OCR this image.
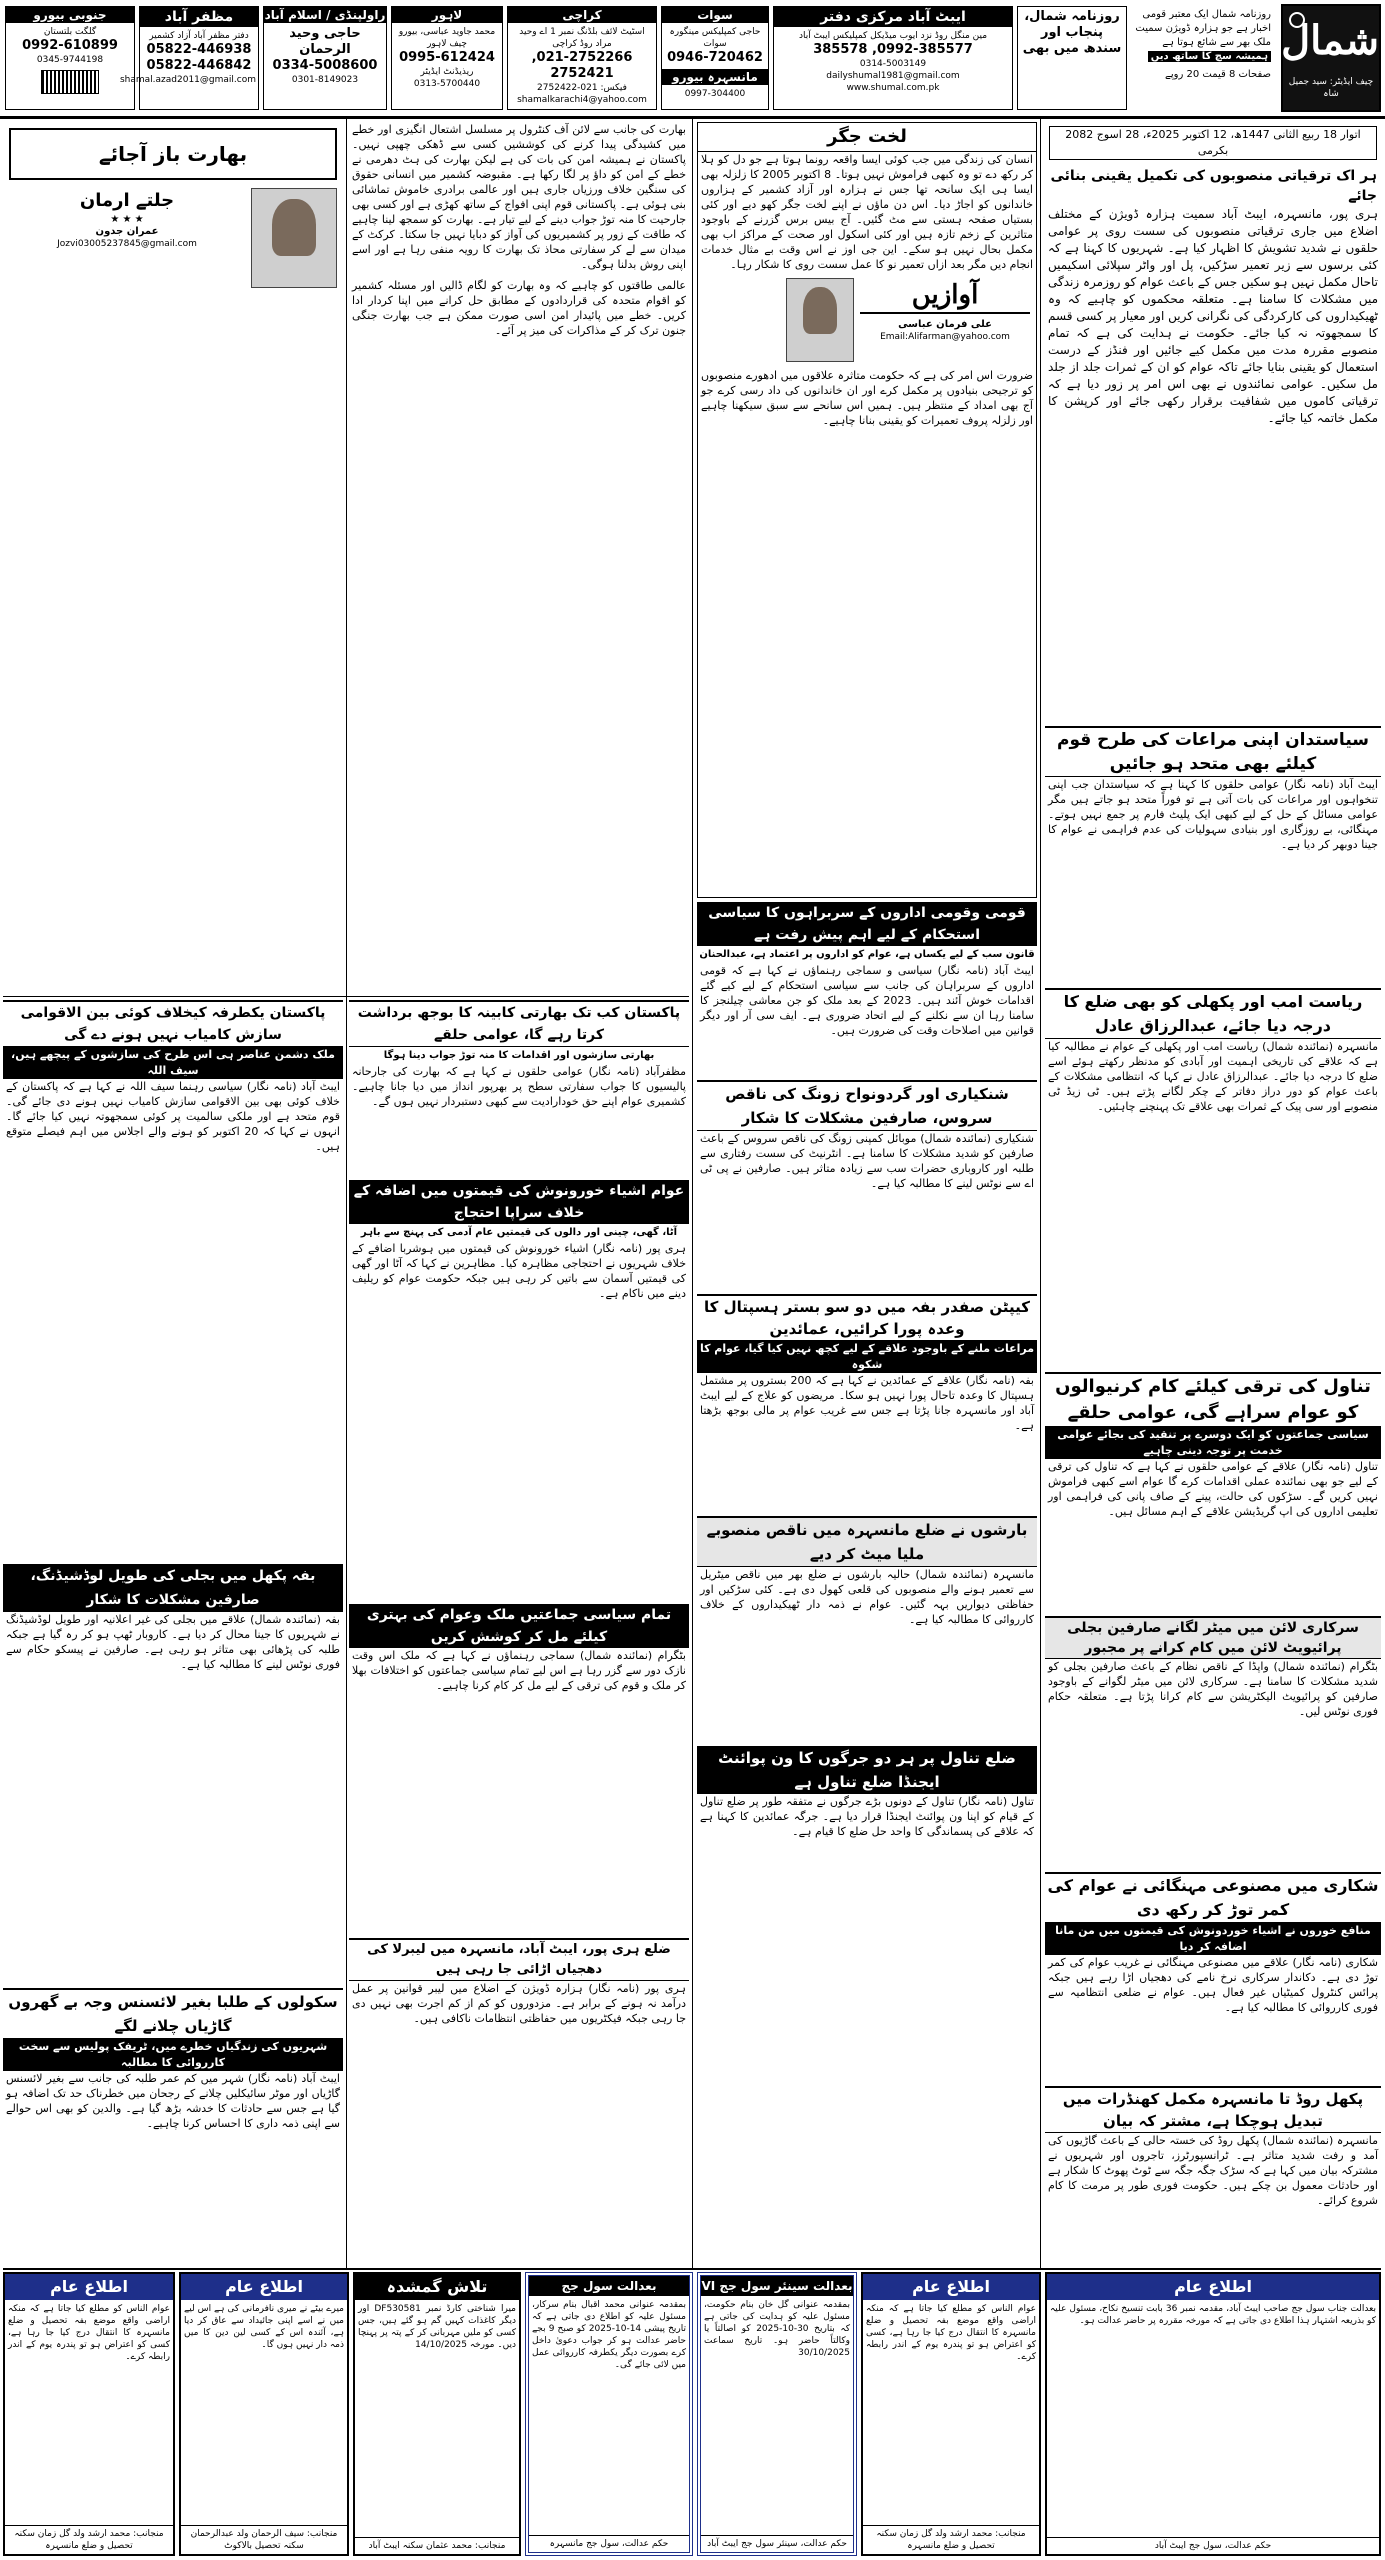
شمال
چیف ایڈیٹر: سید جمیل شاہ
روزنامہ شمال ایک معتبر قومی اخبار ہے جو ہزارہ ڈویژن سمیت ملک بھر سے شائع ہوتا ہے
ہمیشہ سچ کا ساتھ دیں
صفحات 8 قیمت 20 روپے
روزنامہ شمال، پنجاب اور سندھ میں بھی
ایبٹ آباد مرکزی دفتر
مین منگل روڈ نزد ایوب میڈیکل کمپلیکس ایبٹ آباد
0992-385577, 385578
0314-5003149
dailyshumal1981@gmail.com
www.shumal.com.pk
سوات
حاجی کمپلیکس مینگورہ سوات
0946-720462
مانسہرہ بیورو
0997-304400
کراچی
اسٹیٹ لائف بلڈنگ نمبر 1 اے وحید مراد روڈ کراچی
021-2752266, 2752421
فیکس: 021-2752422
shamalkarachi4@yahoo.com
لاہور
محمد جاوید عباسی، بیورو چیف لاہور
0995-612424
ریذیڈنٹ ایڈیٹر
0313-5700440
راولپنڈی / اسلام آباد
حاجی وحید الرحمان
0334-5008600
0301-8149023
مظفر آباد
دفتر مظفر آباد آزاد کشمیر
05822-446938
05822-446842
shamal.azad2011@gmail.com
جنوبی بیورو
گلگت بلتستان
0992-610899
0345-9744198
اتوار 18 ربیع الثانی 1447ھ، 12 اکتوبر 2025ء، 28 اسوج 2082 بکرمی
ہر اک ترقیاتی منصوبوں کی تکمیل یقینی بنائی جائے

ہری پور، مانسہرہ، ایبٹ آباد سمیت ہزارہ ڈویژن کے مختلف اضلاع میں جاری ترقیاتی منصوبوں کی سست روی پر عوامی حلقوں نے شدید تشویش کا اظہار کیا ہے۔ شہریوں کا کہنا ہے کہ کئی برسوں سے زیر تعمیر سڑکیں، پل اور واٹر سپلائی اسکیمیں تاحال مکمل نہیں ہو سکیں جس کے باعث عوام کو روزمرہ زندگی میں مشکلات کا سامنا ہے۔ متعلقہ محکموں کو چاہیے کہ وہ ٹھیکیداروں کی کارکردگی کی نگرانی کریں اور معیار پر کسی قسم کا سمجھوتہ نہ کیا جائے۔ حکومت نے ہدایت کی ہے کہ تمام منصوبے مقررہ مدت میں مکمل کیے جائیں اور فنڈز کے درست استعمال کو یقینی بنایا جائے تاکہ عوام کو ان کے ثمرات جلد از جلد مل سکیں۔ عوامی نمائندوں نے بھی اس امر پر زور دیا ہے کہ ترقیاتی کاموں میں شفافیت برقرار رکھی جائے اور کرپشن کا مکمل خاتمہ کیا جائے۔

سیاستدان اپنی مراعات کی طرح قوم کیلئے بھی متحد ہو جائیں

ایبٹ آباد (نامہ نگار) عوامی حلقوں کا کہنا ہے کہ سیاستدان جب اپنی تنخواہوں اور مراعات کی بات آتی ہے تو فوراً متحد ہو جاتے ہیں مگر عوامی مسائل کے حل کے لیے کبھی ایک پلیٹ فارم پر جمع نہیں ہوتے۔ مہنگائی، بے روزگاری اور بنیادی سہولیات کی عدم فراہمی نے عوام کا جینا دوبھر کر دیا ہے۔

ریاست امب اور پکھلی کو بھی ضلع کا درجہ دیا جائے، عبدالرزاق عادل

مانسہرہ (نمائندہ شمال) ریاست امب اور پکھلی کے عوام نے مطالبہ کیا ہے کہ علاقے کی تاریخی اہمیت اور آبادی کو مدنظر رکھتے ہوئے اسے ضلع کا درجہ دیا جائے۔ عبدالرزاق عادل نے کہا کہ انتظامی مشکلات کے باعث عوام کو دور دراز دفاتر کے چکر لگانے پڑتے ہیں۔ ٹی زیڈ ٹی منصوبے اور سی پیک کے ثمرات بھی علاقے تک پہنچنے چاہئیں۔

تناول کی ترقی کیلئے کام کرنیوالوں کو عوام سراہے گی، عوامی حلقے
سیاسی جماعتوں کو ایک دوسرے پر تنقید کی بجائے عوامی خدمت پر توجہ دینی چاہیے

تناول (نامہ نگار) علاقے کے عوامی حلقوں نے کہا ہے کہ تناول کی ترقی کے لیے جو بھی نمائندہ عملی اقدامات کرے گا عوام اسے کبھی فراموش نہیں کریں گے۔ سڑکوں کی حالت، پینے کے صاف پانی کی فراہمی اور تعلیمی اداروں کی اپ گریڈیشن علاقے کے اہم مسائل ہیں۔

سرکاری لائن میں میٹر لگانے صارفین بجلی پرائیویٹ لائن میں کام کرانے پر مجبور

بٹگرام (نمائندہ شمال) واپڈا کے ناقص نظام کے باعث صارفین بجلی کو شدید مشکلات کا سامنا ہے۔ سرکاری لائن میں میٹر لگوانے کے باوجود صارفین کو پرائیویٹ الیکٹریشن سے کام کرانا پڑتا ہے۔ متعلقہ حکام فوری نوٹس لیں۔

شکاری میں مصنوعی مہنگائی نے عوام کی کمر توڑ کر رکھ دی
منافع خوروں نے اشیاء خوردونوش کی قیمتوں میں من مانا اضافہ کر دیا

شکاری (نامہ نگار) علاقے میں مصنوعی مہنگائی نے غریب عوام کی کمر توڑ دی ہے۔ دکاندار سرکاری نرخ نامے کی دھجیاں اڑا رہے ہیں جبکہ پرائس کنٹرول کمیٹیاں غیر فعال ہیں۔ عوام نے ضلعی انتظامیہ سے فوری کارروائی کا مطالبہ کیا ہے۔

پکھل روڈ تا مانسہرہ مکمل کھنڈرات میں تبدیل ہوچکا ہے، مشتر کہ بیان

مانسہرہ (نمائندہ شمال) پکھل روڈ کی خستہ حالی کے باعث گاڑیوں کی آمد و رفت شدید متاثر ہے۔ ٹرانسپورٹرز، تاجروں اور شہریوں نے مشترکہ بیان میں کہا ہے کہ سڑک جگہ جگہ سے ٹوٹ پھوٹ کا شکار ہے اور حادثات معمول بن چکے ہیں۔ حکومت فوری طور پر مرمت کا کام شروع کرائے۔

لخت جگر

انسان کی زندگی میں جب کوئی ایسا واقعہ رونما ہوتا ہے جو دل کو ہلا کر رکھ دے تو وہ کبھی فراموش نہیں ہوتا۔ 8 اکتوبر 2005 کا زلزلہ بھی ایسا ہی ایک سانحہ تھا جس نے ہزارہ اور آزاد کشمیر کے ہزاروں خاندانوں کو اجاڑ دیا۔ اس دن ماؤں نے اپنے لخت جگر کھو دیے اور کئی بستیاں صفحہ ہستی سے مٹ گئیں۔ آج بیس برس گزرنے کے باوجود متاثرین کے زخم تازہ ہیں اور کئی اسکول اور صحت کے مراکز اب بھی مکمل بحال نہیں ہو سکے۔ این جی اوز نے اس وقت بے مثال خدمات انجام دیں مگر بعد ازاں تعمیر نو کا عمل سست روی کا شکار رہا۔

آوازیں
علی فرمان عباسی
Email:Alifarman@yahoo.com

ضرورت اس امر کی ہے کہ حکومت متاثرہ علاقوں میں ادھورے منصوبوں کو ترجیحی بنیادوں پر مکمل کرے اور ان خاندانوں کی داد رسی کرے جو آج بھی امداد کے منتظر ہیں۔ ہمیں اس سانحے سے سبق سیکھنا چاہیے اور زلزلہ پروف تعمیرات کو یقینی بنانا چاہیے۔

قومی وقومی اداروں کے سربراہوں کا سیاسی استحکام کے لیے اہم پیش رفت ہے
قانون سب کے لیے یکساں ہے، عوام کو اداروں پر اعتماد ہے، عبدالحنان

ایبٹ آباد (نامہ نگار) سیاسی و سماجی رہنماؤں نے کہا ہے کہ قومی اداروں کے سربراہان کی جانب سے سیاسی استحکام کے لیے کیے گئے اقدامات خوش آئند ہیں۔ 2023 کے بعد ملک کو جن معاشی چیلنجز کا سامنا رہا ان سے نکلنے کے لیے اتحاد ضروری ہے۔ ایف سی آر اور دیگر قوانین میں اصلاحات وقت کی ضرورت ہیں۔

شنکیاری اور گردونواح زونگ کی ناقص سروس، صارفین مشکلات کا شکار

شنکیاری (نمائندہ شمال) موبائل کمپنی زونگ کی ناقص سروس کے باعث صارفین کو شدید مشکلات کا سامنا ہے۔ انٹرنیٹ کی سست رفتاری سے طلبہ اور کاروباری حضرات سب سے زیادہ متاثر ہیں۔ صارفین نے پی ٹی اے سے نوٹس لینے کا مطالبہ کیا ہے۔

کیپٹن صفدر بفہ میں دو سو بستر ہسپتال کا وعدہ پورا کرائیں، عمائدین
مراعات ملنے کے باوجود علاقے کے لیے کچھ نہیں کیا گیا، عوام کا شکوہ

بفہ (نامہ نگار) علاقے کے عمائدین نے کہا ہے کہ 200 بستروں پر مشتمل ہسپتال کا وعدہ تاحال پورا نہیں ہو سکا۔ مریضوں کو علاج کے لیے ایبٹ آباد اور مانسہرہ جانا پڑتا ہے جس سے غریب عوام پر مالی بوجھ بڑھتا ہے۔

بارشوں نے ضلع مانسہرہ میں ناقص منصوبے ملیا میٹ کر دیے

مانسہرہ (نمائندہ شمال) حالیہ بارشوں نے ضلع بھر میں ناقص میٹریل سے تعمیر ہونے والے منصوبوں کی قلعی کھول دی ہے۔ کئی سڑکیں اور حفاظتی دیواریں بہہ گئیں۔ عوام نے ذمہ دار ٹھیکیداروں کے خلاف کارروائی کا مطالبہ کیا ہے۔

ضلع تناول پر ہر دو جرگوں کا ون پوائنٹ ایجنڈا ضلع تناول ہے

تناول (نامہ نگار) تناول کے دونوں بڑے جرگوں نے متفقہ طور پر ضلع تناول کے قیام کو اپنا ون پوائنٹ ایجنڈا قرار دیا ہے۔ جرگہ عمائدین کا کہنا ہے کہ علاقے کی پسماندگی کا واحد حل ضلع کا قیام ہے۔

بھارت کی جانب سے لائن آف کنٹرول پر مسلسل اشتعال انگیزی اور خطے میں کشیدگی پیدا کرنے کی کوششیں کسی سے ڈھکی چھپی نہیں۔ پاکستان نے ہمیشہ امن کی بات کی ہے لیکن بھارت کی ہٹ دھرمی نے خطے کے امن کو داؤ پر لگا رکھا ہے۔ مقبوضہ کشمیر میں انسانی حقوق کی سنگین خلاف ورزیاں جاری ہیں اور عالمی برادری خاموش تماشائی بنی ہوئی ہے۔ پاکستانی قوم اپنی افواج کے ساتھ کھڑی ہے اور کسی بھی جارحیت کا منہ توڑ جواب دینے کے لیے تیار ہے۔ بھارت کو سمجھ لینا چاہیے کہ طاقت کے زور پر کشمیریوں کی آواز کو دبایا نہیں جا سکتا۔ کرکٹ کے میدان سے لے کر سفارتی محاذ تک بھارت کا رویہ منفی رہا ہے اور اسے اپنی روش بدلنا ہوگی۔

عالمی طاقتوں کو چاہیے کہ وہ بھارت کو لگام ڈالیں اور مسئلہ کشمیر کو اقوام متحدہ کی قراردادوں کے مطابق حل کرانے میں اپنا کردار ادا کریں۔ خطے میں پائیدار امن اسی صورت ممکن ہے جب بھارت جنگی جنون ترک کر کے مذاکرات کی میز پر آئے۔

بھارت باز آجائے
جلتے ارمان
★ ★ ★
عمران جدون
Jozvi03005237845@gmail.com
پاکستان کب تک بھارتی کابینہ کا بوجھ برداشت کرتا رہے گا، عوامی حلقے
بھارتی سازشوں اور اقدامات کا منہ توڑ جواب دینا ہوگا

مظفرآباد (نامہ نگار) عوامی حلقوں نے کہا ہے کہ بھارت کی جارحانہ پالیسیوں کا جواب سفارتی سطح پر بھرپور انداز میں دیا جانا چاہیے۔ کشمیری عوام اپنے حق خودارادیت سے کبھی دستبردار نہیں ہوں گے۔

عوام اشیاء خورونوش کی قیمتوں میں اضافہ کے خلاف سراپا احتجاج
آٹا، گھی، چینی اور دالوں کی قیمتیں عام آدمی کی پہنچ سے باہر

ہری پور (نامہ نگار) اشیاء خورونوش کی قیمتوں میں ہوشربا اضافے کے خلاف شہریوں نے احتجاجی مظاہرہ کیا۔ مظاہرین نے کہا کہ آٹا اور گھی کی قیمتیں آسمان سے باتیں کر رہی ہیں جبکہ حکومت عوام کو ریلیف دینے میں ناکام ہے۔

تمام سیاسی جماعتیں ملک وعوام کی بہتری کیلئے مل کر کوشش کریں

بٹگرام (نمائندہ شمال) سماجی رہنماؤں نے کہا ہے کہ ملک اس وقت نازک دور سے گزر رہا ہے اس لیے تمام سیاسی جماعتوں کو اختلافات بھلا کر ملک و قوم کی ترقی کے لیے مل کر کام کرنا چاہیے۔

ضلع ہری پور، ایبٹ آباد، مانسہرہ میں لیبرلا کی دھجیاں اڑائی جا رہی ہیں

ہری پور (نامہ نگار) ہزارہ ڈویژن کے اضلاع میں لیبر قوانین پر عمل درآمد نہ ہونے کے برابر ہے۔ مزدوروں کو کم از کم اجرت بھی نہیں دی جا رہی جبکہ فیکٹریوں میں حفاظتی انتظامات ناکافی ہیں۔

پاکستان یکطرفہ کیخلاف کوئی بین الاقوامی سازش کامیاب نہیں ہونے دے گی
ملک دشمن عناصر ہی اس طرح کی سازشوں کے پیچھے ہیں، سیف اللہ

ایبٹ آباد (نامہ نگار) سیاسی رہنما سیف اللہ نے کہا ہے کہ پاکستان کے خلاف کوئی بھی بین الاقوامی سازش کامیاب نہیں ہونے دی جائے گی۔ قوم متحد ہے اور ملکی سالمیت پر کوئی سمجھوتہ نہیں کیا جائے گا۔ انہوں نے کہا کہ 20 اکتوبر کو ہونے والے اجلاس میں اہم فیصلے متوقع ہیں۔

بفہ پکھل میں بجلی کی طویل لوڈشیڈنگ، صارفین مشکلات کا شکار

بفہ (نمائندہ شمال) علاقے میں بجلی کی غیر اعلانیہ اور طویل لوڈشیڈنگ نے شہریوں کا جینا محال کر دیا ہے۔ کاروبار ٹھپ ہو کر رہ گیا ہے جبکہ طلبہ کی پڑھائی بھی متاثر ہو رہی ہے۔ صارفین نے پیسکو حکام سے فوری نوٹس لینے کا مطالبہ کیا ہے۔

سکولوں کے طلبا بغیر لائسنس وجہ بے گھروں گاڑیاں چلانے لگے
شہریوں کی زندگیاں خطرے میں، ٹریفک پولیس سے سخت کارروائی کا مطالبہ

ایبٹ آباد (نامہ نگار) شہر میں کم عمر طلبہ کی جانب سے بغیر لائسنس گاڑیاں اور موٹر سائیکلیں چلانے کے رجحان میں خطرناک حد تک اضافہ ہو گیا ہے جس سے حادثات کا خدشہ بڑھ گیا ہے۔ والدین کو بھی اس حوالے سے اپنی ذمہ داری کا احساس کرنا چاہیے۔

اطلاع عام
بعدالت جناب سول جج صاحب ایبٹ آباد، مقدمہ نمبر 36 بابت تنسیخ نکاح، مسئول علیہ کو بذریعہ اشتہار ہذا اطلاع دی جاتی ہے کہ مورخہ مقررہ پر حاضر عدالت ہو۔
حکم عدالت، سول جج ایبٹ آباد
اطلاع عام
عوام الناس کو مطلع کیا جاتا ہے کہ منکہ اراضی واقع موضع بفہ تحصیل و ضلع مانسہرہ کا انتقال درج کیا جا رہا ہے، کسی کو اعتراض ہو تو پندرہ یوم کے اندر رابطہ کرے۔
منجانب: محمد ارشد ولد گل زمان سکنہ تحصیل و ضلع مانسہرہ
بعدالت سینئر سول جج VI
بمقدمہ عنوانی گل خان بنام حکومت، مسئول علیہ کو ہدایت کی جاتی ہے کہ بتاریخ 30-10-2025 کو اصالتاً یا وکالتاً حاضر ہو۔ تاریخ سماعت 30/10/2025
حکم عدالت، سینئر سول جج ایبٹ آباد
بعدالت سول جج
بمقدمہ عنوانی محمد اقبال بنام سرکار، مسئول علیہ کو اطلاع دی جاتی ہے کہ تاریخ پیشی 14-10-2025 کو صبح 9 بجے حاضر عدالت ہو کر جواب دعویٰ داخل کرے بصورت دیگر یکطرفہ کارروائی عمل میں لائی جائے گی۔
حکم عدالت، سول جج مانسہرہ
تلاش گمشدہ
میرا شناختی کارڈ نمبر DF530581 اور دیگر کاغذات کہیں گم ہو گئے ہیں، جس کسی کو ملیں مہربانی کر کے پتہ پر پہنچا دیں۔ مورخہ 14/10/2025
منجانب: محمد عثمان سکنہ ایبٹ آباد
اطلاع عام
میرے بیٹے نے میری نافرمانی کی ہے اس لیے میں نے اسے اپنی جائیداد سے عاق کر دیا ہے، آئندہ اس کے کسی لین دین کا میں ذمہ دار نہیں ہوں گا۔
منجانب: سیف الرحمان ولد عبدالرحمان سکنہ تحصیل بالاکوٹ
اطلاع عام
عوام الناس کو مطلع کیا جاتا ہے کہ منکہ اراضی واقع موضع بفہ تحصیل و ضلع مانسہرہ کا انتقال درج کیا جا رہا ہے، کسی کو اعتراض ہو تو پندرہ یوم کے اندر رابطہ کرے۔
منجانب: محمد ارشد ولد گل زمان سکنہ تحصیل و ضلع مانسہرہ
